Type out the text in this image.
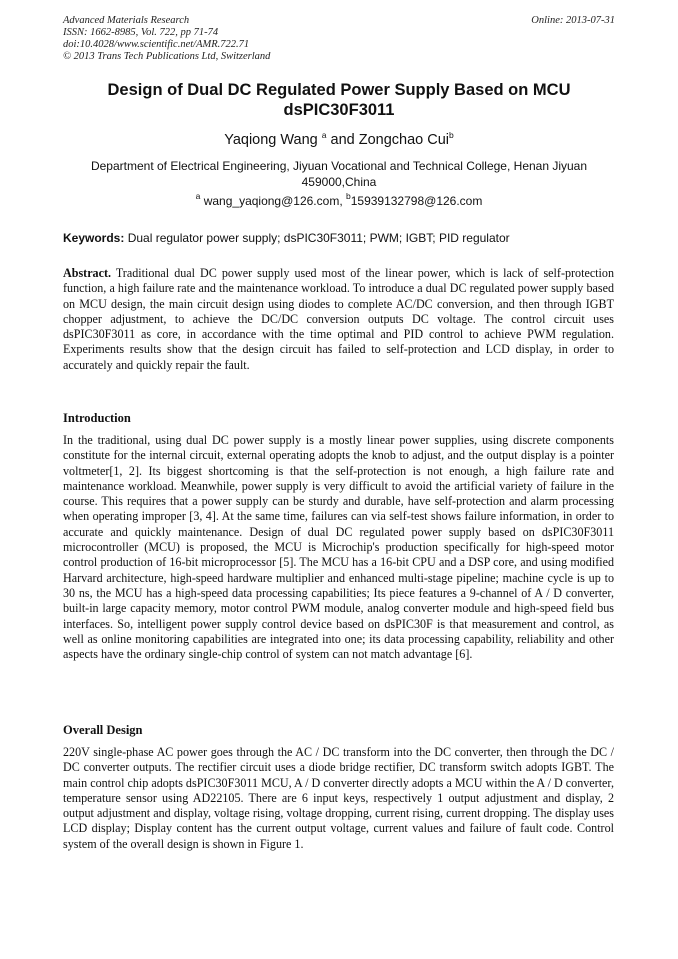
Advanced Materials Research
ISSN: 1662-8985, Vol. 722, pp 71-74
doi:10.4028/www.scientific.net/AMR.722.71
© 2013 Trans Tech Publications Ltd, Switzerland
Online: 2013-07-31
Design of Dual DC Regulated Power Supply Based on MCU
dsPIC30F3011
Yaqiong Wang $^a$ and Zongchao Cui$^b$
Department of Electrical Engineering, Jiyuan Vocational and Technical College, Henan Jiyuan
459000,China
$^a$ wang_yaqiong@126.com, $^b$15939132798@126.com
Keywords: Dual regulator power supply; dsPIC30F3011; PWM; IGBT; PID regulator
Abstract. Traditional dual DC power supply used most of the linear power, which is lack of self-protection function, a high failure rate and the maintenance workload. To introduce a dual DC regulated power supply based on MCU design, the main circuit design using diodes to complete AC/DC conversion, and then through IGBT chopper adjustment, to achieve the DC/DC conversion outputs DC voltage. The control circuit uses dsPIC30F3011 as core, in accordance with the time optimal and PID control to achieve PWM regulation. Experiments results show that the design circuit has failed to self-protection and LCD display, in order to accurately and quickly repair the fault.
Introduction
In the traditional, using dual DC power supply is a mostly linear power supplies, using discrete components constitute for the internal circuit, external operating adopts the knob to adjust, and the output display is a pointer voltmeter[1, 2]. Its biggest shortcoming is that the self-protection is not enough, a high failure rate and maintenance workload. Meanwhile, power supply is very difficult to avoid the artificial variety of failure in the course. This requires that a power supply can be sturdy and durable, have self-protection and alarm processing when operating improper [3, 4]. At the same time, failures can via self-test shows failure information, in order to accurate and quickly maintenance. Design of dual DC regulated power supply based on dsPIC30F3011 microcontroller (MCU) is proposed, the MCU is Microchip's production specifically for high-speed motor control production of 16-bit microprocessor [5]. The MCU has a 16-bit CPU and a DSP core, and using modified Harvard architecture, high-speed hardware multiplier and enhanced multi-stage pipeline; machine cycle is up to 30 ns, the MCU has a high-speed data processing capabilities; Its piece features a 9-channel of A / D converter, built-in large capacity memory, motor control PWM module, analog converter module and high-speed field bus interfaces. So, intelligent power supply control device based on dsPIC30F is that measurement and control, as well as online monitoring capabilities are integrated into one; its data processing capability, reliability and other aspects have the ordinary single-chip control of system can not match advantage [6].
Overall Design
220V single-phase AC power goes through the AC / DC transform into the DC converter, then through the DC / DC converter outputs. The rectifier circuit uses a diode bridge rectifier, DC transform switch adopts IGBT. The main control chip adopts dsPIC30F3011 MCU, A / D converter directly adopts a MCU within the A / D converter, temperature sensor using AD22105. There are 6 input keys, respectively 1 output adjustment and display, 2 output adjustment and display, voltage rising, voltage dropping, current rising, current dropping. The display uses LCD display; Display content has the current output voltage, current values and failure of fault code. Control system of the overall design is shown in Figure 1.
